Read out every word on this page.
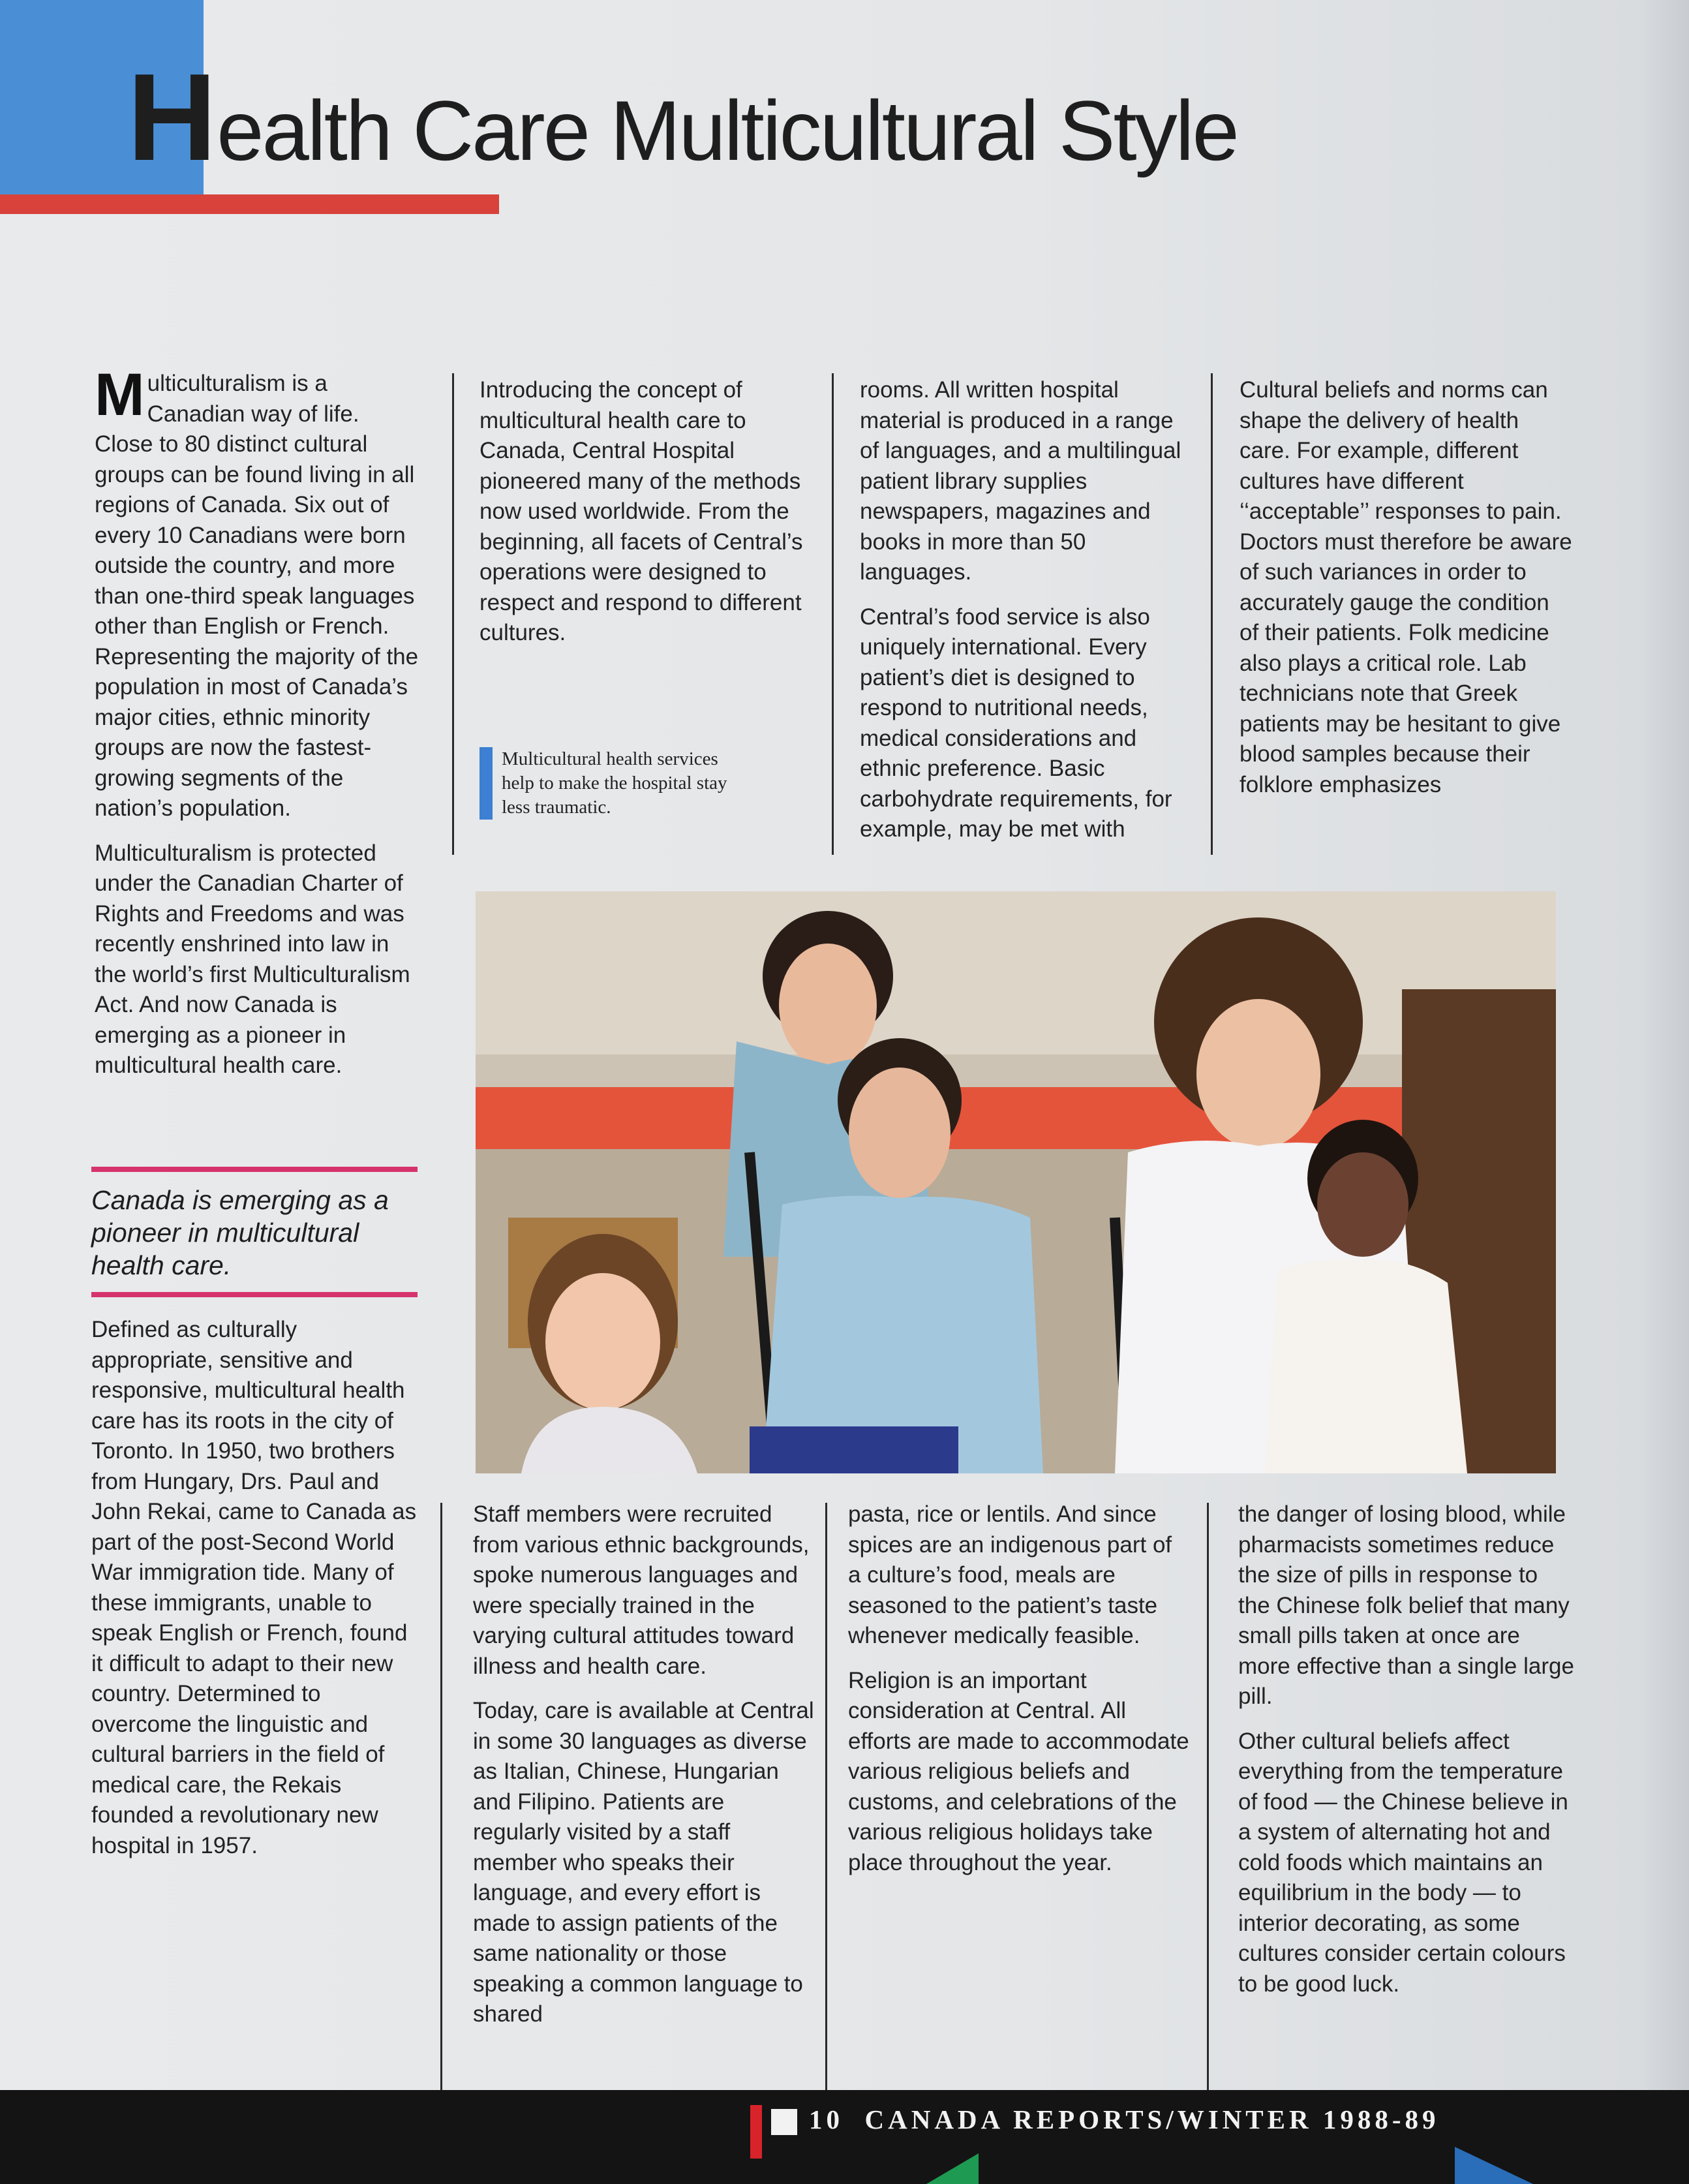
Health Care Multicultural Style

Multiculturalism is a Canadian way of life. Close to 80 distinct cultural groups can be found living in all regions of Canada. Six out of every 10 Canadians were born outside the country, and more than one-third speak languages other than English or French. Representing the majority of the population in most of Canada’s major cities, ethnic minority groups are now the fastest-growing segments of the nation’s population.

Multiculturalism is protected under the Canadian Charter of Rights and Freedoms and was recently enshrined into law in the world’s first Multiculturalism Act. And now Canada is emerging as a pioneer in multicultural health care.

Introducing the concept of multicultural health care to Canada, Central Hospital pioneered many of the methods now used worldwide. From the beginning, all facets of Central’s operations were designed to respect and respond to different cultures.

Multicultural health services help to make the hospital stay less traumatic.

rooms. All written hospital material is produced in a range of languages, and a multilingual patient library supplies newspapers, magazines and books in more than 50 languages.

Central’s food service is also uniquely international. Every patient’s diet is designed to respond to nutritional needs, medical considerations and ethnic preference. Basic carbohydrate requirements, for example, may be met with

Cultural beliefs and norms can shape the delivery of health care. For example, different cultures have different ‘‘acceptable’’ responses to pain. Doctors must therefore be aware of such variances in order to accurately gauge the condition of their patients. Folk medicine also plays a critical role. Lab technicians note that Greek patients may be hesitant to give blood samples because their folklore emphasizes

Canada is emerging as a pioneer in multicultural health care.

Defined as culturally appropriate, sensitive and responsive, multicultural health care has its roots in the city of Toronto. In 1950, two brothers from Hungary, Drs. Paul and John Rekai, came to Canada as part of the post-Second World War immigration tide. Many of these immigrants, unable to speak English or French, found it difficult to adapt to their new country. Determined to overcome the linguistic and cultural barriers in the field of medical care, the Rekais founded a revolutionary new hospital in 1957.

Staff members were recruited from various ethnic backgrounds, spoke numerous languages and were specially trained in the varying cultural attitudes toward illness and health care.

Today, care is available at Central in some 30 languages as diverse as Italian, Chinese, Hungarian and Filipino. Patients are regularly visited by a staff member who speaks their language, and every effort is made to assign patients of the same nationality or those speaking a common language to shared

pasta, rice or lentils. And since spices are an indigenous part of a culture’s food, meals are seasoned to the patient’s taste whenever medically feasible.

Religion is an important consideration at Central. All efforts are made to accommodate various religious beliefs and customs, and celebrations of the various religious holidays take place throughout the year.

the danger of losing blood, while pharmacists sometimes reduce the size of pills in response to the Chinese folk belief that many small pills taken at once are more effective than a single large pill.

Other cultural beliefs affect everything from the temperature of food — the Chinese believe in a system of alternating hot and cold foods which maintains an equilibrium in the body — to interior decorating, as some cultures consider certain colours to be good luck.

10 CANADA REPORTS/WINTER 1988-89
